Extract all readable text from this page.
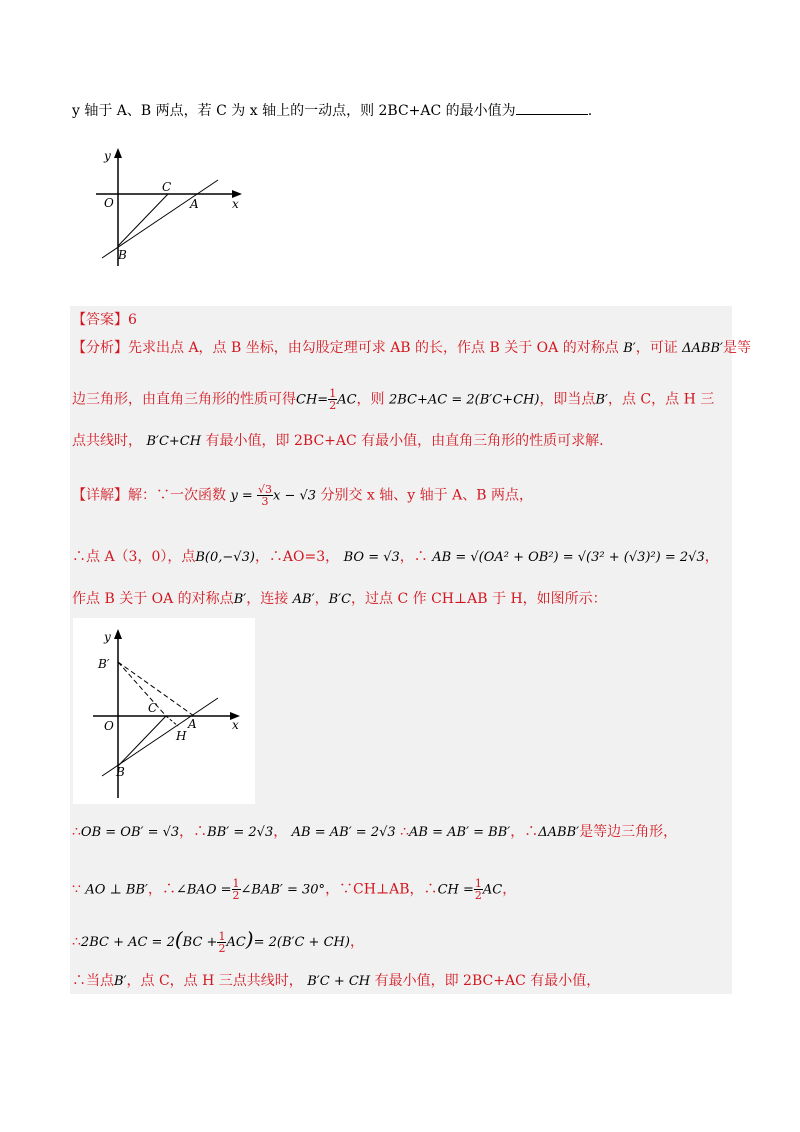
y 轴于 A、B 两点，若 C 为 x 轴上的一动点，则 2BC+AC 的最小值为	.
y
x
O
C
A
B
【答案】6
【分析】先求出点 A，点 B 坐标，由勾股定理可求 AB 的长，作点 B 关于 OA 的对称点 B′，可证 ΔABB′是等
边三角形，由直角三角形的性质可得$CH= \frac{1}{2}$ AC，则 2BC+AC = 2(B′C+CH)，即当点B′，点 C，点 H 三
点共线时， B′C+CH 有最小值，即 2BC+AC 有最小值，由直角三角形的性质可求解.
【详解】解：∵一次函数 $y = \frac{√3}{3}$ x − √3 分别交 x 轴、y 轴于 A、B 两点，
∴点 A（3，0），点B(0,−√3)，∴AO=3， BO = √3，∴ AB = √(OA² + OB²) = √(3² + (√3)²) = 2√3，
作点 B 关于 OA 的对称点B′，连接 AB′，B′C，过点 C 作 CH⊥AB 于 H，如图所示：
y
x
O
C
A
B
B′
H
∴OB = OB′ = √3，∴BB′ = 2√3， AB = AB′ = 2√3 ∴AB = AB′ = BB′，∴ΔABB′是等边三角形，
∵ AO ⊥ BB′，∴∠BAO = $\frac{1}{2}$ ∠BAB′ = 30°，∵CH⊥AB，∴CH = $\frac{1}{2}$ AC，
∴2BC + AC = $2(BC + \frac{1}{2} AC)= 2(B'C + CH)$，
∴当点B′，点 C，点 H 三点共线时， B′C + CH 有最小值，即 2BC+AC 有最小值，
